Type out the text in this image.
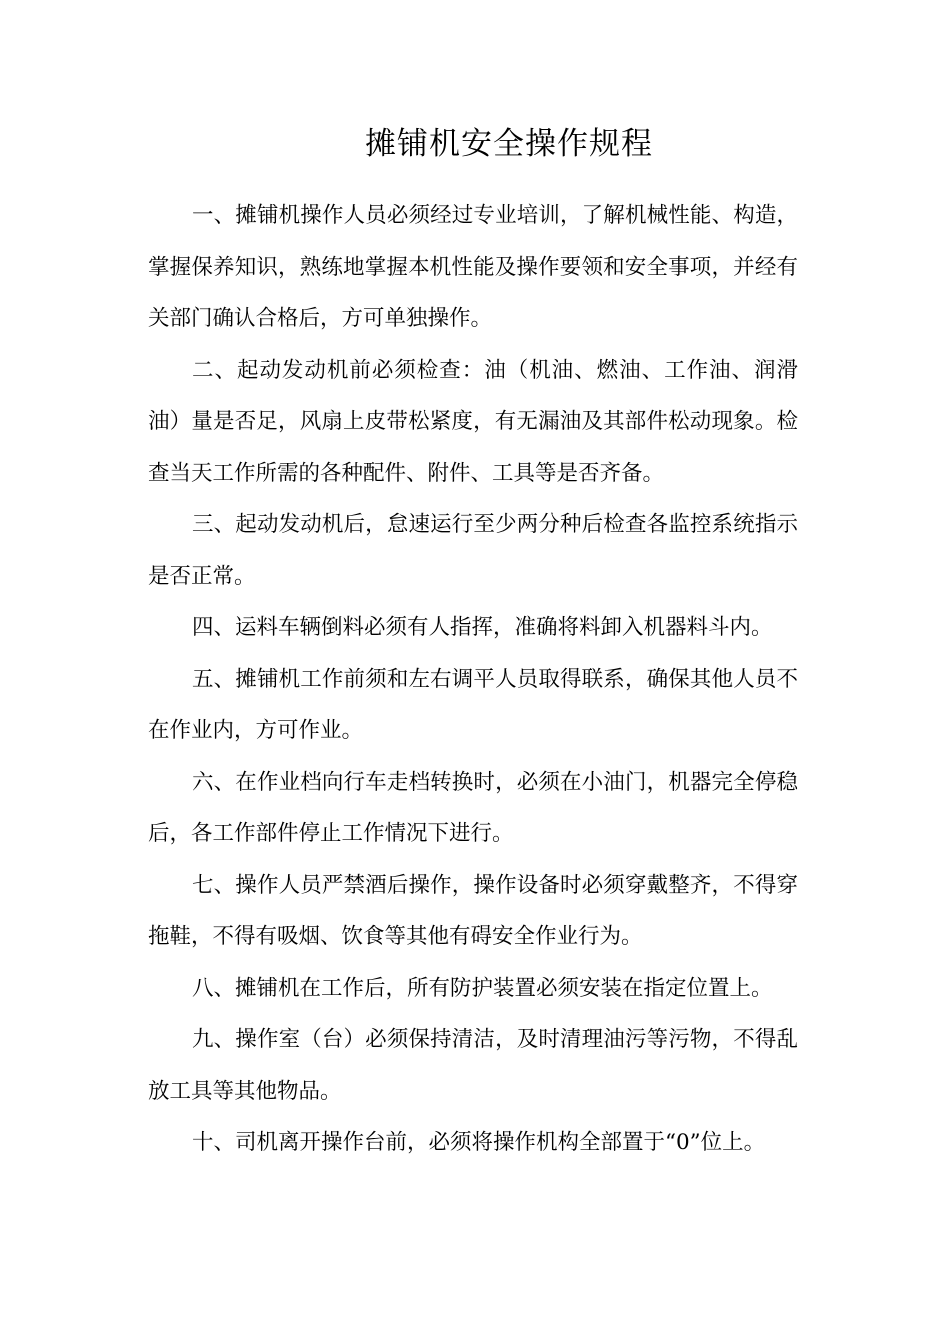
摊铺机安全操作规程

一、摊铺机操作人员必须经过专业培训，了解机械性能、构造，掌握保养知识，熟练地掌握本机性能及操作要领和安全事项，并经有关部门确认合格后，方可单独操作。

二、起动发动机前必须检查：油（机油、燃油、工作油、润滑油）量是否足，风扇上皮带松紧度，有无漏油及其部件松动现象。检查当天工作所需的各种配件、附件、工具等是否齐备。

三、起动发动机后，怠速运行至少两分种后检查各监控系统指示是否正常。

四、运料车辆倒料必须有人指挥，准确将料卸入机器料斗内。

五、摊铺机工作前须和左右调平人员取得联系，确保其他人员不在作业内，方可作业。

六、在作业档向行车走档转换时，必须在小油门，机器完全停稳后，各工作部件停止工作情况下进行。

七、操作人员严禁酒后操作，操作设备时必须穿戴整齐，不得穿拖鞋，不得有吸烟、饮食等其他有碍安全作业行为。

八、摊铺机在工作后，所有防护装置必须安装在指定位置上。

九、操作室（台）必须保持清洁，及时清理油污等污物，不得乱放工具等其他物品。

十、司机离开操作台前，必须将操作机构全部置于“0”位上。
